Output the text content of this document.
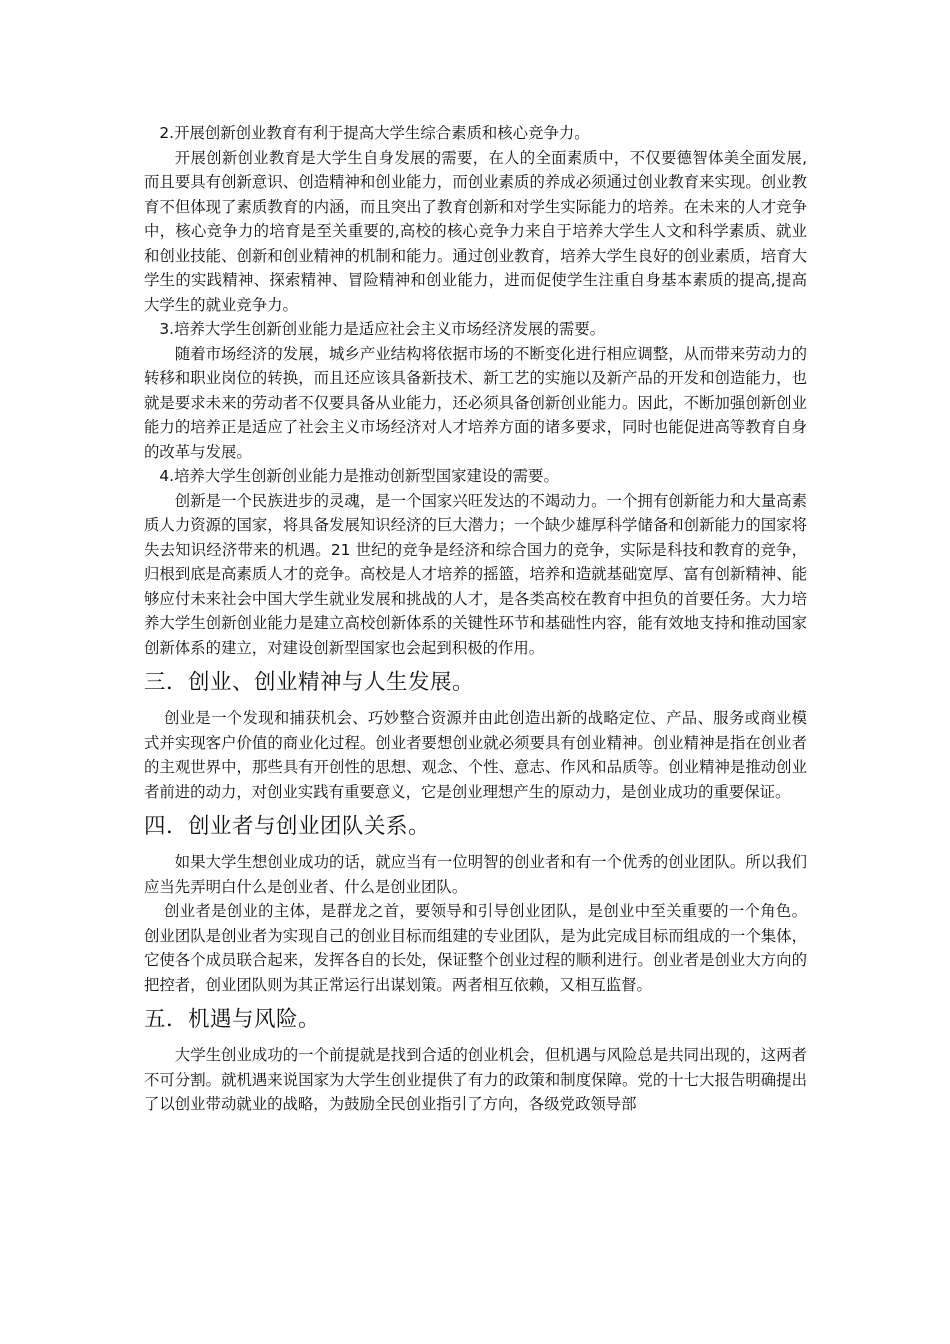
2.开展创新创业教育有利于提高大学生综合素质和核心竞争力。

开展创新创业教育是大学生自身发展的需要，在人的全面素质中，不仅要德智体美全面发展, 而且要具有创新意识、创造精神和创业能力，而创业素质的养成必须通过创业教育来实现。创业教育不但体现了素质教育的内涵，而且突出了教育创新和对学生实际能力的培养。在未来的人才竞争中，核心竞争力的培育是至关重要的,高校的核心竞争力来自于培养大学生人文和科学素质、就业和创业技能、创新和创业精神的机制和能力。通过创业教育，培养大学生良好的创业素质，培育大学生的实践精神、探索精神、冒险精神和创业能力，进而促使学生注重自身基本素质的提高,提高大学生的就业竞争力。

3.培养大学生创新创业能力是适应社会主义市场经济发展的需要。

随着市场经济的发展，城乡产业结构将依据市场的不断变化进行相应调整，从而带来劳动力的转移和职业岗位的转换，而且还应该具备新技术、新工艺的实施以及新产品的开发和创造能力，也就是要求未来的劳动者不仅要具备从业能力，还必须具备创新创业能力。因此，不断加强创新创业能力的培养正是适应了社会主义市场经济对人才培养方面的诸多要求，同时也能促进高等教育自身 的改革与发展。

4.培养大学生创新创业能力是推动创新型国家建设的需要。

创新是一个民族进步的灵魂，是一个国家兴旺发达的不竭动力。一个拥有创新能力和大量高素质人力资源的国家，将具备发展知识经济的巨大潜力；一个缺少雄厚科学储备和创新能力的国家将失去知识经济带来的机遇。21 世纪的竞争是经济和综合国力的竞争，实际是科技和教育的竞争，归根到底是高素质人才的竞争。高校是人才培养的摇篮，培养和造就基础宽厚、富有创新精神、能够应付未来社会中国大学生就业发展和挑战的人才，是各类高校在教育中担负的首要任务。大力培养大学生创新创业能力是建立高校创新体系的关键性环节和基础性内容，能有效地支持和推动国家创新体系的建立，对建设创新型国家也会起到积极的作用。

三．创业、创业精神与人生发展。

创业是一个发现和捕获机会、巧妙整合资源并由此创造出新的战略定位、产品、服务或商业模式并实现客户价值的商业化过程。创业者要想创业就必须要具有创业精神。创业精神是指在创业者的主观世界中，那些具有开创性的思想、观念、个性、意志、作风和品质等。创业精神是推动创业者前进的动力，对创业实践有重要意义，它是创业理想产生的原动力，是创业成功的重要保证。

四．创业者与创业团队关系。

如果大学生想创业成功的话，就应当有一位明智的创业者和有一个优秀的创业团队。所以我们应当先弄明白什么是创业者、什么是创业团队。

创业者是创业的主体，是群龙之首，要领导和引导创业团队，是创业中至关重要的一个角色。创业团队是创业者为实现自己的创业目标而组建的专业团队，是为此完成目标而组成的一个集体，它使各个成员联合起来，发挥各自的长处，保证整个创业过程的顺利进行。创业者是创业大方向的把控者，创业团队则为其正常运行出谋划策。两者相互依赖，又相互监督。

五．机遇与风险。

大学生创业成功的一个前提就是找到合适的创业机会，但机遇与风险总是共同出现的，这两者不可分割。就机遇来说国家为大学生创业提供了有力的政策和制度保障。党的十七大报告明确提出了以创业带动就业的战略，为鼓励全民创业指引了方向，各级党政领导部
